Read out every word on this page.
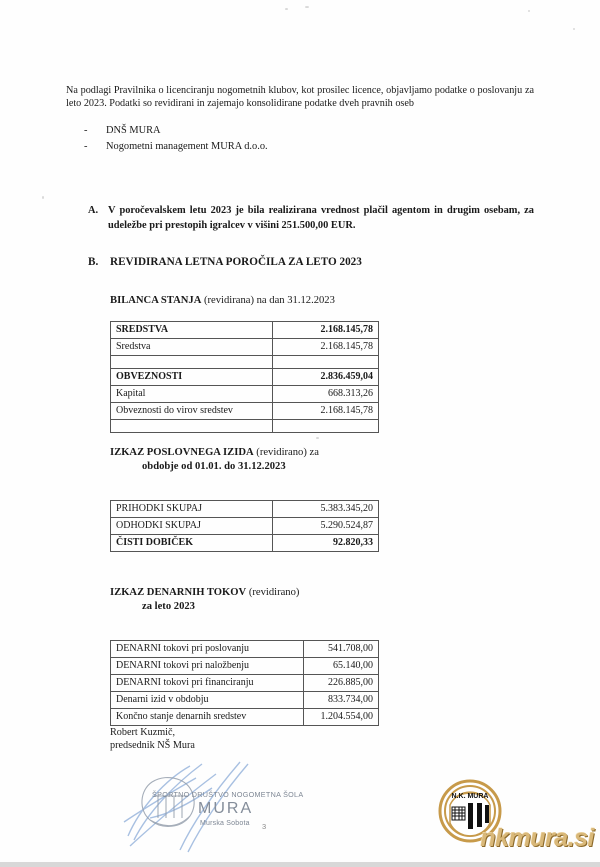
Na podlagi Pravilnika o licenciranju nogometnih klubov, kot prosilec licence, objavljamo podatke o poslovanju za leto 2023. Podatki so revidirani in zajemajo konsolidirane podatke dveh pravnih oseb
-	DNŠ MURA
-	Nogometni management MURA d.o.o.
A. V poročevalskem letu 2023 je bila realizirana vrednost plačil agentom in drugim osebam, za udeležbe pri prestopih igralcev v višini 251.500,00 EUR.
B.	REVIDIRANA LETNA POROČILA ZA LETO 2023
BILANCA STANJA (revidirana) na dan 31.12.2023
SREDSTVA	2.168.145,78
Sredstva	2.168.145,78

OBVEZNOSTI	2.836.459,04
Kapital	668.313,26
Obveznosti do virov sredstev	2.168.145,78

IZKAZ POSLOVNEGA IZIDA (revidirano) za
obdobje od 01.01. do 31.12.2023
PRIHODKI SKUPAJ	5.383.345,20
ODHODKI SKUPAJ	5.290.524,87
ČISTI DOBIČEK	92.820,33
IZKAZ DENARNIH TOKOV (revidirano)
za leto 2023
DENARNI tokovi pri poslovanju	541.708,00
DENARNI tokovi pri naložbenju	65.140,00
DENARNI tokovi pri financiranju	226.885,00
Denarni izid v obdobju	833.734,00
Končno stanje denarnih sredstev	1.204.554,00
Robert Kuzmič,
predsednik NŠ Mura
ŠPORTNO DRUŠTVO NOGOMETNA ŠOLA
MURA
Murska Sobota 3
N.K. MURA
nkmura.si
